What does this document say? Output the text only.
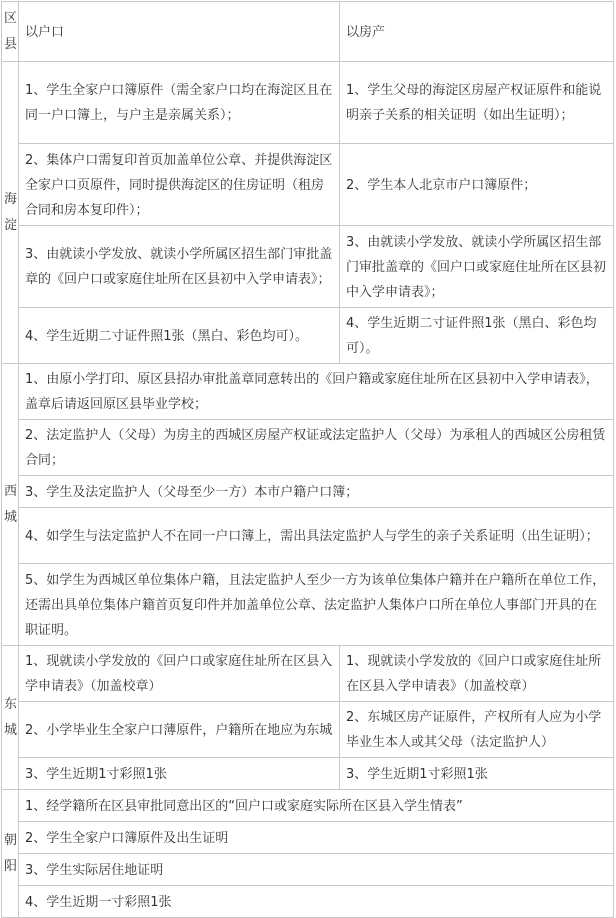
区
县	以户口	以房产

海
淀	1、学生全家户口簿原件（需全家户口均在海淀区且在同一户口簿上，与户主是亲属关系）；	1、学生父母的海淀区房屋产权证原件和能说明亲子关系的相关证明（如出生证明）；
	2、集体户口需复印首页加盖单位公章、并提供海淀区全家户口页原件，同时提供海淀区的住房证明（租房合同和房本复印件）；	2、学生本人北京市户口簿原件；
	3、由就读小学发放、就读小学所属区招生部门审批盖章的《回户口或家庭住址所在区县初中入学申请表》；	3、由就读小学发放、就读小学所属区招生部门审批盖章的《回户口或家庭住址所在区县初中入学申请表》；
	4、学生近期二寸证件照1张（黑白、彩色均可）。	4、学生近期二寸证件照1张（黑白、彩色均可）。

西
城	1、由原小学打印、原区县招办审批盖章同意转出的《回户籍或家庭住址所在区县初中入学申请表》，盖章后请返回原区县毕业学校；	
	2、法定监护人（父母）为房主的西城区房屋产权证或法定监护人（父母）为承租人的西城区公房租赁合同；	
	3、学生及法定监护人（父母至少一方）本市户籍户口簿；	
	4、如学生与法定监护人不在同一户口簿上，需出具法定监护人与学生的亲子关系证明（出生证明）；	
	5、如学生为西城区单位集体户籍，且法定监护人至少一方为该单位集体户籍并在户籍所在单位工作，还需出具单位集体户籍首页复印件并加盖单位公章、法定监护人集体户口所在单位人事部门开具的在职证明。	

东
城	1、现就读小学发放的《回户口或家庭住址所在区县入学申请表》（加盖校章）	1、现就读小学发放的《回户口或家庭住址所在区县入学申请表》（加盖校章）
	2、小学毕业生全家户口薄原件，户籍所在地应为东城	2、东城区房产证原件，产权所有人应为小学毕业生本人或其父母（法定监护人）
	3、学生近期1寸彩照1张	3、学生近期1寸彩照1张

朝
阳	1、经学籍所在区县审批同意出区的“回户口或家庭实际所在区县入学生情表”	
	2、学生全家户口簿原件及出生证明	
	3、学生实际居住地证明	
	4、学生近期一寸彩照1张	
